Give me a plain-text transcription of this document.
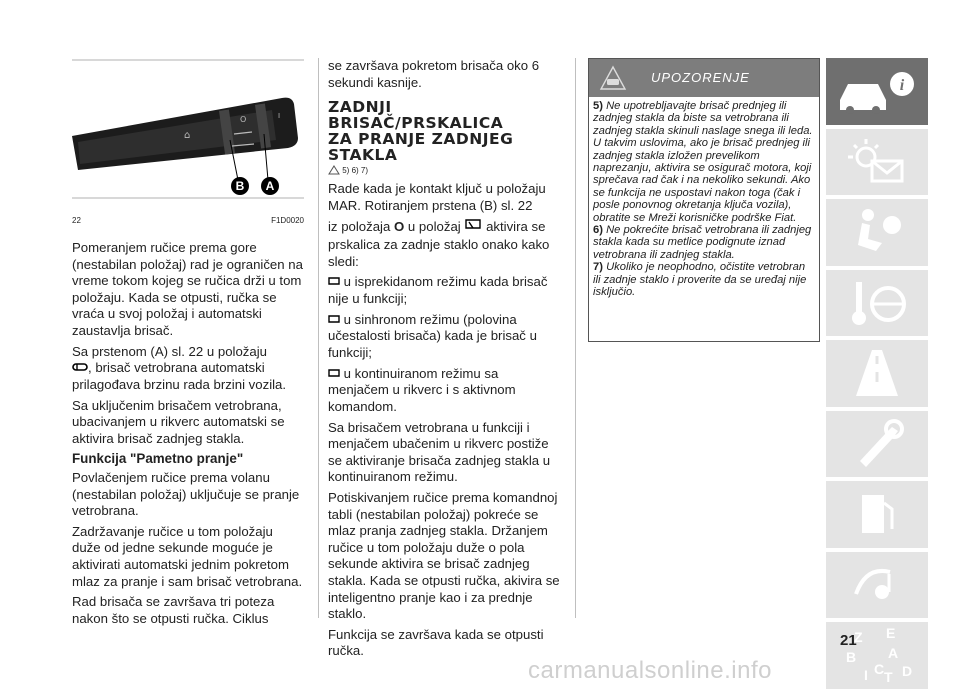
⌂
O	I
B A
22	F1D0020

Pomeranjem ručice prema gore (nestabilan položaj) rad je ograničen na vreme tokom kojeg se ručica drži u tom položaju. Kada se otpusti, ručka se vraća u svoj položaj i automatski zaustavlja brisač.

Sa prstenom (A) sl. 22 u položaju
, brisač vetrobrana automatski prilagođava brzinu rada brzini vozila.

Sa uključenim brisačem vetrobrana, ubacivanjem u rikverc automatski se aktivira brisač zadnjeg stakla.

Funkcija "Pametno pranje"

Povlačenjem ručice prema volanu (nestabilan položaj) uključuje se pranje vetrobrana.

Zadržavanje ručice u tom položaju duže od jedne sekunde moguće je aktivirati automatski jednim pokretom mlaz za pranje i sam brisač vetrobrana.

Rad brisača se završava tri poteza nakon što se otpusti ručka. Ciklus

se završava pokretom brisača oko 6 sekundi kasnije.

ZADNJI
BRISAČ/PRSKALICA
ZA PRANJE ZADNJEG
STAKLA
5) 6) 7)

Rade kada je kontakt ključ u položaju MAR. Rotiranjem prstena (B) sl. 22

iz položaja O u položaj aktivira se prskalica za zadnje staklo onako kako sledi:

u isprekidanom režimu kada brisač nije u funkciji;

u sinhronom režimu (polovina učestalosti brisača) kada je brisač u funkciji;

u kontinuiranom režimu sa menjačem u rikverc i s aktivnom komandom.

Sa brisačem vetrobrana u funkciji i menjačem ubačenim u rikverc postiže se aktiviranje brisača zadnjeg stakla u kontinuiranom režimu.

Potiskivanjem ručice prema komandnoj tabli (nestabilan položaj) pokreće se mlaz pranja zadnjeg stakla. Držanjem ručice u tom položaju duže o pola sekunde aktivira se brisač zadnjeg stakla. Kada se otpusti ručka, akivira se inteligentno pranje kao i za prednje staklo.

Funkcija se završava kada se otpusti ručka.

UPOZORENJE

5) Ne upotrebljavajte brisač prednjeg ili zadnjeg stakla da biste sa vetrobrana ili zadnjeg stakla skinuli naslage snega ili leda. U takvim uslovima, ako je brisač prednjeg ili zadnjeg stakla izložen prevelikom naprezanju, aktivira se osigurač motora, koji sprečava rad čak i na nekoliko sekundi. Ako se funkcija ne uspostavi nakon toga (čak i posle ponovnog okretanja ključa vozila), obratite se Mreži korisničke podrške Fiat.

6) Ne pokrećite brisač vetrobrana ili zadnjeg stakla kada su metlice podignute iznad vetrobrana ili zadnjeg stakla.

7) Ukoliko je neophodno, očistite vetrobran ili zadnje staklo i proverite da se uređaj nije isključio.

i
Z E
B A
I C T D
21
carmanualsonline.info
